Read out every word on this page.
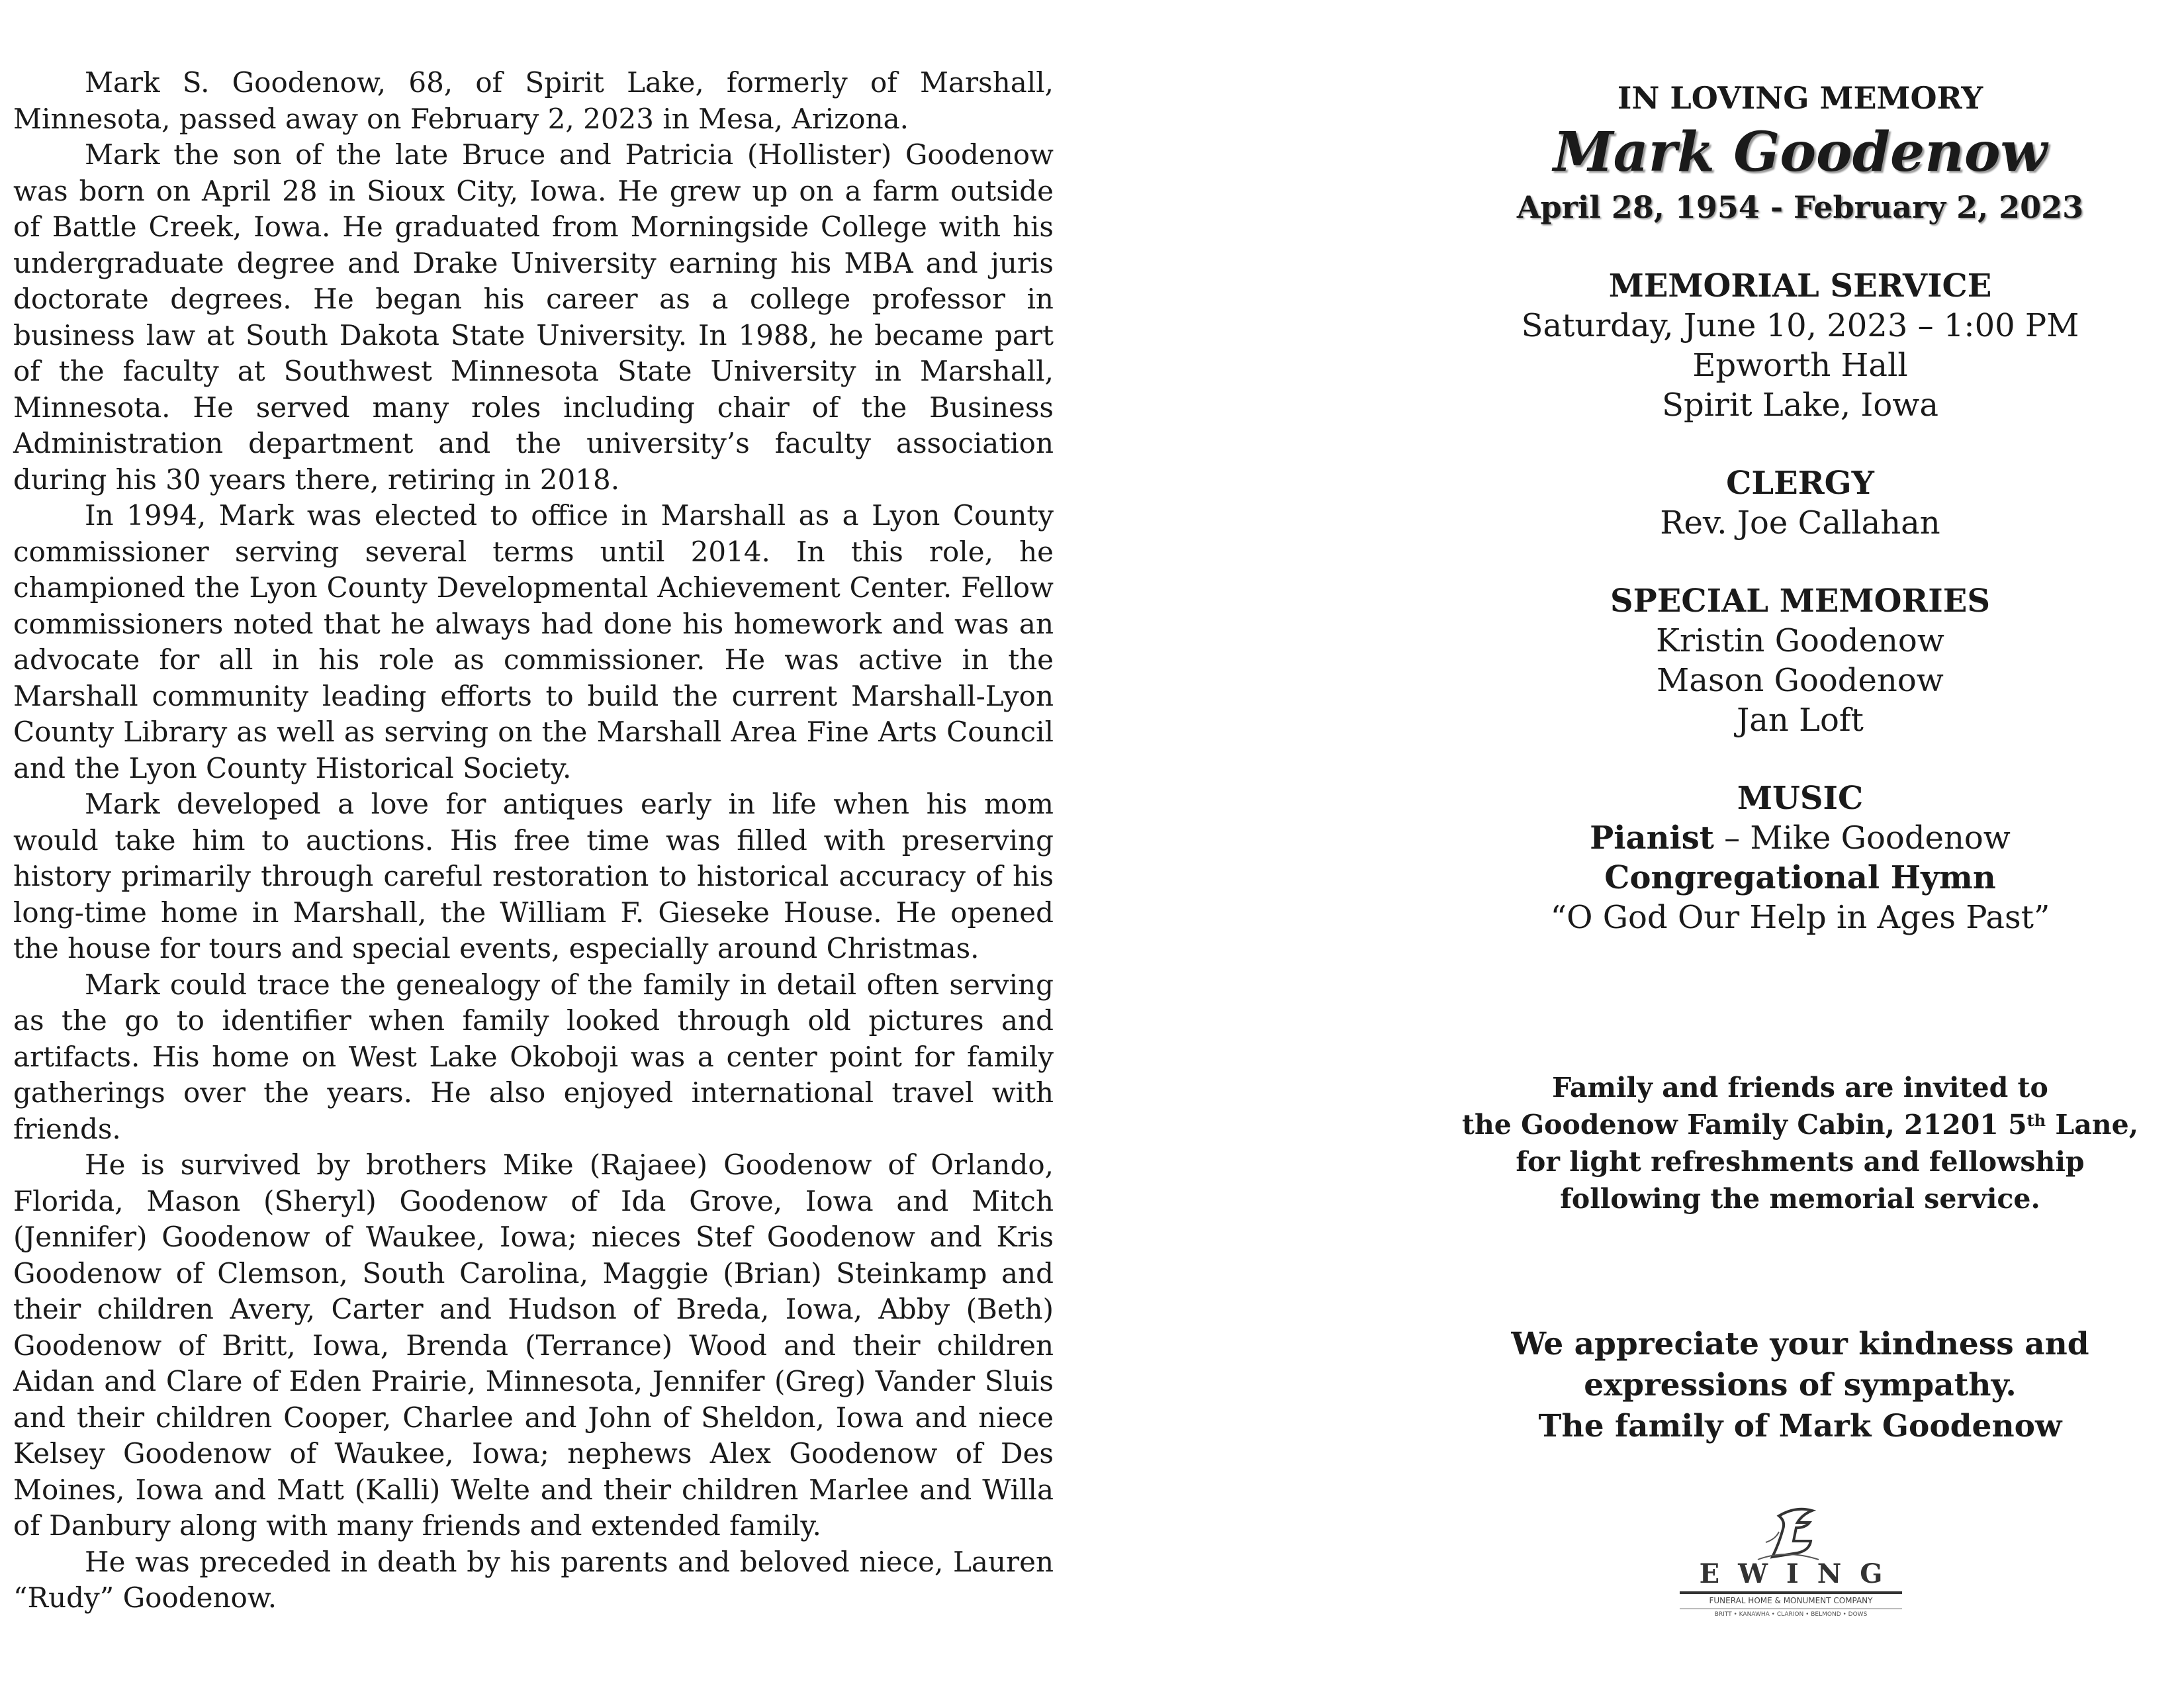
Mark S. Goodenow, 68, of Spirit Lake, formerly of Marshall, Minnesota, passed away on February 2, 2023 in Mesa, Arizona.

Mark the son of the late Bruce and Patricia (Hollister) Goodenow was born on April 28 in Sioux City, Iowa. He grew up on a farm outside of Battle Creek, Iowa. He graduated from Morningside College with his undergraduate degree and Drake University earning his MBA and juris doctorate degrees. He began his career as a college professor in business law at South Dakota State University. In 1988, he became part of the faculty at Southwest Minnesota State University in Marshall, Minnesota. He served many roles including chair of the Business Administration department and the university’s faculty association during his 30 years there, retiring in 2018.

In 1994, Mark was elected to office in Marshall as a Lyon County commissioner serving several terms until 2014. In this role, he championed the Lyon County Developmental Achievement Center. Fellow commissioners noted that he always had done his homework and was an advocate for all in his role as commissioner. He was active in the Marshall community leading efforts to build the current Marshall-Lyon County Library as well as serving on the Marshall Area Fine Arts Council and the Lyon County Historical Society.

Mark developed a love for antiques early in life when his mom would take him to auctions. His free time was filled with preserving history primarily through careful restoration to historical accuracy of his long-time home in Marshall, the William F. Gieseke House. He opened the house for tours and special events, especially around Christmas.

Mark could trace the genealogy of the family in detail often serving as the go to identifier when family looked through old pictures and artifacts. His home on West Lake Okoboji was a center point for family gatherings over the years. He also enjoyed international travel with friends.

He is survived by brothers Mike (Rajaee) Goodenow of Orlando, Florida, Mason (Sheryl) Goodenow of Ida Grove, Iowa and Mitch (Jennifer) Goodenow of Waukee, Iowa; nieces Stef Goodenow and Kris Goodenow of Clemson, South Carolina, Maggie (Brian) Steinkamp and their children Avery, Carter and Hudson of Breda, Iowa, Abby (Beth) Goodenow of Britt, Iowa, Brenda (Terrance) Wood and their children Aidan and Clare of Eden Prairie, Minnesota, Jennifer (Greg) Vander Sluis and their children Cooper, Charlee and John of Sheldon, Iowa and niece Kelsey Goodenow of Waukee, Iowa; nephews Alex Goodenow of Des Moines, Iowa and Matt (Kalli) Welte and their children Marlee and Willa of Danbury along with many friends and extended family.

He was preceded in death by his parents and beloved niece, Lauren “Rudy” Goodenow.

IN LOVING MEMORY
Mark Goodenow
April 28, 1954 - February 2, 2023
MEMORIAL SERVICE
Saturday, June 10, 2023 – 1:00 PM
Epworth Hall
Spirit Lake, Iowa
CLERGY
Rev. Joe Callahan
SPECIAL MEMORIES
Kristin Goodenow
Mason Goodenow
Jan Loft
MUSIC
Pianist – Mike Goodenow
Congregational Hymn
“O God Our Help in Ages Past”
Family and friends are invited to
the Goodenow Family Cabin, 21201 5th Lane,
for light refreshments and fellowship
following the memorial service.
We appreciate your kindness and
expressions of sympathy.
The family of Mark Goodenow
EWING
FUNERAL HOME & MONUMENT COMPANY
BRITT • KANAWHA • CLARION • BELMOND • DOWS
